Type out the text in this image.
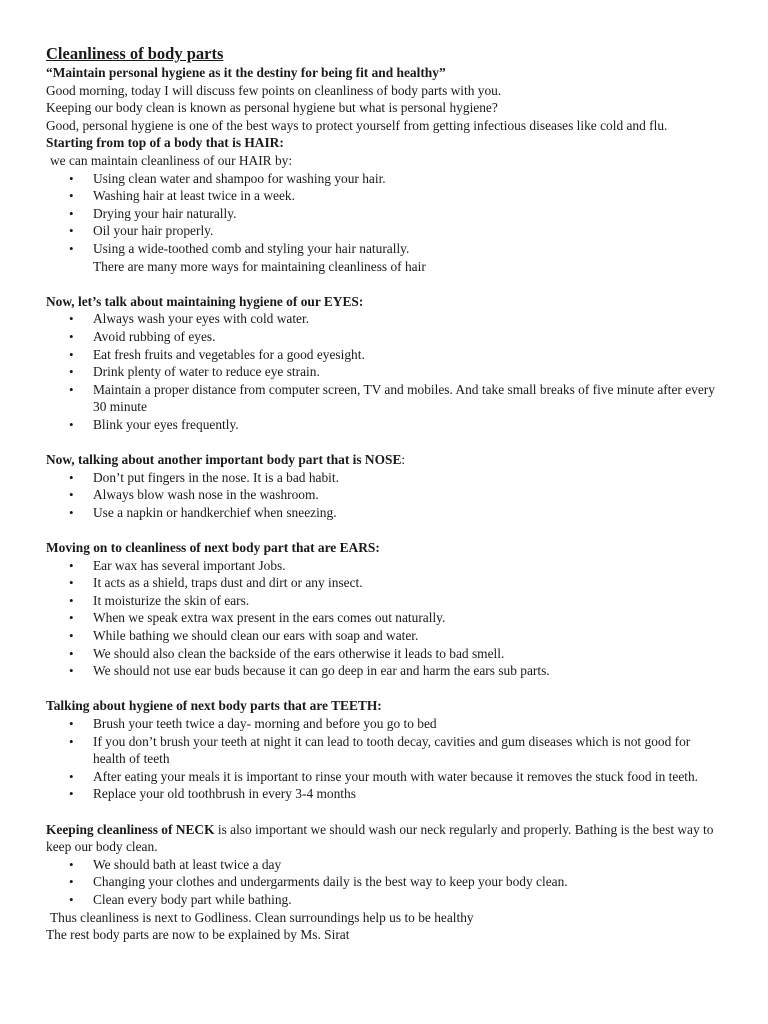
Cleanliness of body parts

“Maintain personal hygiene as it the destiny for being fit and healthy”

Good morning, today I will discuss few points on cleanliness of body parts with you.

Keeping our body clean is known as personal hygiene but what is personal hygiene?

Good, personal hygiene is one of the best ways to protect yourself from getting infectious diseases like cold and flu.

Starting from top of a body that is HAIR:

we can maintain cleanliness of our HAIR by:

• Using clean water and shampoo for washing your hair.
• Washing hair at least twice in a week.
• Drying your hair naturally.
• Oil your hair properly.
• Using a wide-toothed comb and styling your hair naturally.

There are many more ways for maintaining cleanliness of hair

Now, let’s talk about maintaining hygiene of our EYES:

• Always wash your eyes with cold water.
• Avoid rubbing of eyes.
• Eat fresh fruits and vegetables for a good eyesight.
• Drink plenty of water to reduce eye strain.
• Maintain a proper distance from computer screen, TV and mobiles. And take small breaks of five minute after every 30 minute
• Blink your eyes frequently.

Now, talking about another important body part that is NOSE:

• Don’t put fingers in the nose. It is a bad habit.
• Always blow wash nose in the washroom.
• Use a napkin or handkerchief when sneezing.

Moving on to cleanliness of next body part that are EARS:

• Ear wax has several important Jobs.
• It acts as a shield, traps dust and dirt or any insect.
• It moisturize the skin of ears.
• When we speak extra wax present in the ears comes out naturally.
• While bathing we should clean our ears with soap and water.
• We should also clean the backside of the ears otherwise it leads to bad smell.
• We should not use ear buds because it can go deep in ear and harm the ears sub parts.

Talking about hygiene of next body parts that are TEETH:

• Brush your teeth twice a day- morning and before you go to bed
• If you don’t brush your teeth at night it can lead to tooth decay, cavities and gum diseases which is not good for health of teeth
• After eating your meals it is important to rinse your mouth with water because it removes the stuck food in teeth.
• Replace your old toothbrush in every 3-4 months

Keeping cleanliness of NECK is also important we should wash our neck regularly and properly. Bathing is the best way to keep our body clean.

• We should bath at least twice a day
• Changing your clothes and undergarments daily is the best way to keep your body clean.
• Clean every body part while bathing.

Thus cleanliness is next to Godliness. Clean surroundings help us to be healthy

The rest body parts are now to be explained by Ms. Sirat
